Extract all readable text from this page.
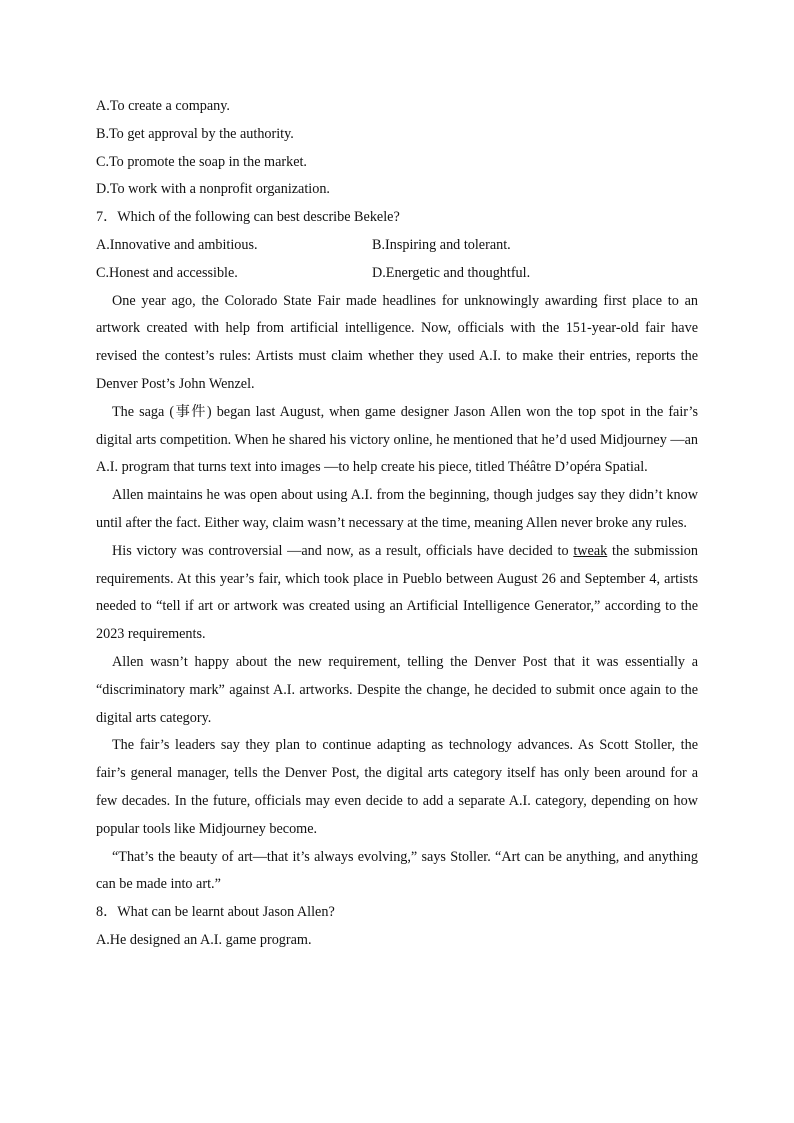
A.To create a company.
B.To get approval by the authority.
C.To promote the soap in the market.
D.To work with a nonprofit organization.
7．Which of the following can best describe Bekele?
A.Innovative and ambitious.	B.Inspiring and tolerant.
C.Honest and accessible.	D.Energetic and thoughtful.

One year ago, the Colorado State Fair made headlines for unknowingly awarding first place to an artwork created with help from artificial intelligence. Now, officials with the 151-year-old fair have revised the contest’s rules: Artists must claim whether they used A.I. to make their entries, reports the Denver Post’s John Wenzel.

The saga (事件) began last August, when game designer Jason Allen won the top spot in the fair’s digital arts competition. When he shared his victory online, he mentioned that he’d used Midjourney —an A.I. program that turns text into images —to help create his piece, titled Théâtre D’opéra Spatial.

Allen maintains he was open about using A.I. from the beginning, though judges say they didn’t know until after the fact. Either way, claim wasn’t necessary at the time, meaning Allen never broke any rules.

His victory was controversial —and now, as a result, officials have decided to tweak the submission requirements. At this year’s fair, which took place in Pueblo between August 26 and September 4, artists needed to “tell if art or artwork was created using an Artificial Intelligence Generator,” according to the 2023 requirements.

Allen wasn’t happy about the new requirement, telling the Denver Post that it was essentially a “discriminatory mark” against A.I. artworks. Despite the change, he decided to submit once again to the digital arts category.

The fair’s leaders say they plan to continue adapting as technology advances. As Scott Stoller, the fair’s general manager, tells the Denver Post, the digital arts category itself has only been around for a few decades. In the future, officials may even decide to add a separate A.I. category, depending on how popular tools like Midjourney become.

“That’s the beauty of art—that it’s always evolving,” says Stoller. “Art can be anything, and anything can be made into art.”

8．What can be learnt about Jason Allen?
A.He designed an A.I. game program.
